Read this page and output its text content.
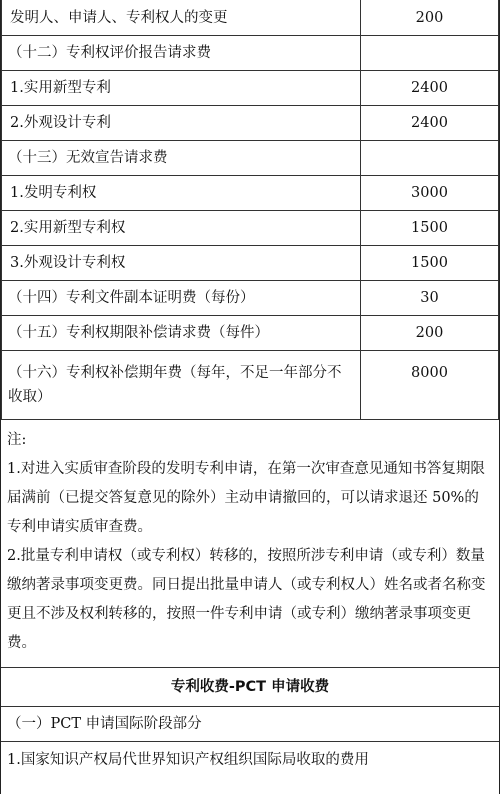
发明人、申请人、专利权人的变更	200
（十二）专利权评价报告请求费	
1.实用新型专利	2400
2.外观设计专利	2400
（十三）无效宣告请求费	
1.发明专利权	3000
2.实用新型专利权	1500
3.外观设计专利权	1500
（十四）专利文件副本证明费（每份）	30
（十五）专利权期限补偿请求费（每件）	200
（十六）专利权补偿期年费（每年，不足一年部分不收取）	8000

注:

1.对进入实质审查阶段的发明专利申请，在第一次审查意见通知书答复期限届满前（已提交答复意见的除外）主动申请撤回的，可以请求退还 50%的专利申请实质审查费。

2.批量专利申请权（或专利权）转移的，按照所涉专利申请（或专利）数量缴纳著录事项变更费。同日提出批量申请人（或专利权人）姓名或者名称变更且不涉及权利转移的，按照一件专利申请（或专利）缴纳著录事项变更费。

专利收费-PCT 申请收费
（一）PCT 申请国际阶段部分
1.国家知识产权局代世界知识产权组织国际局收取的费用
